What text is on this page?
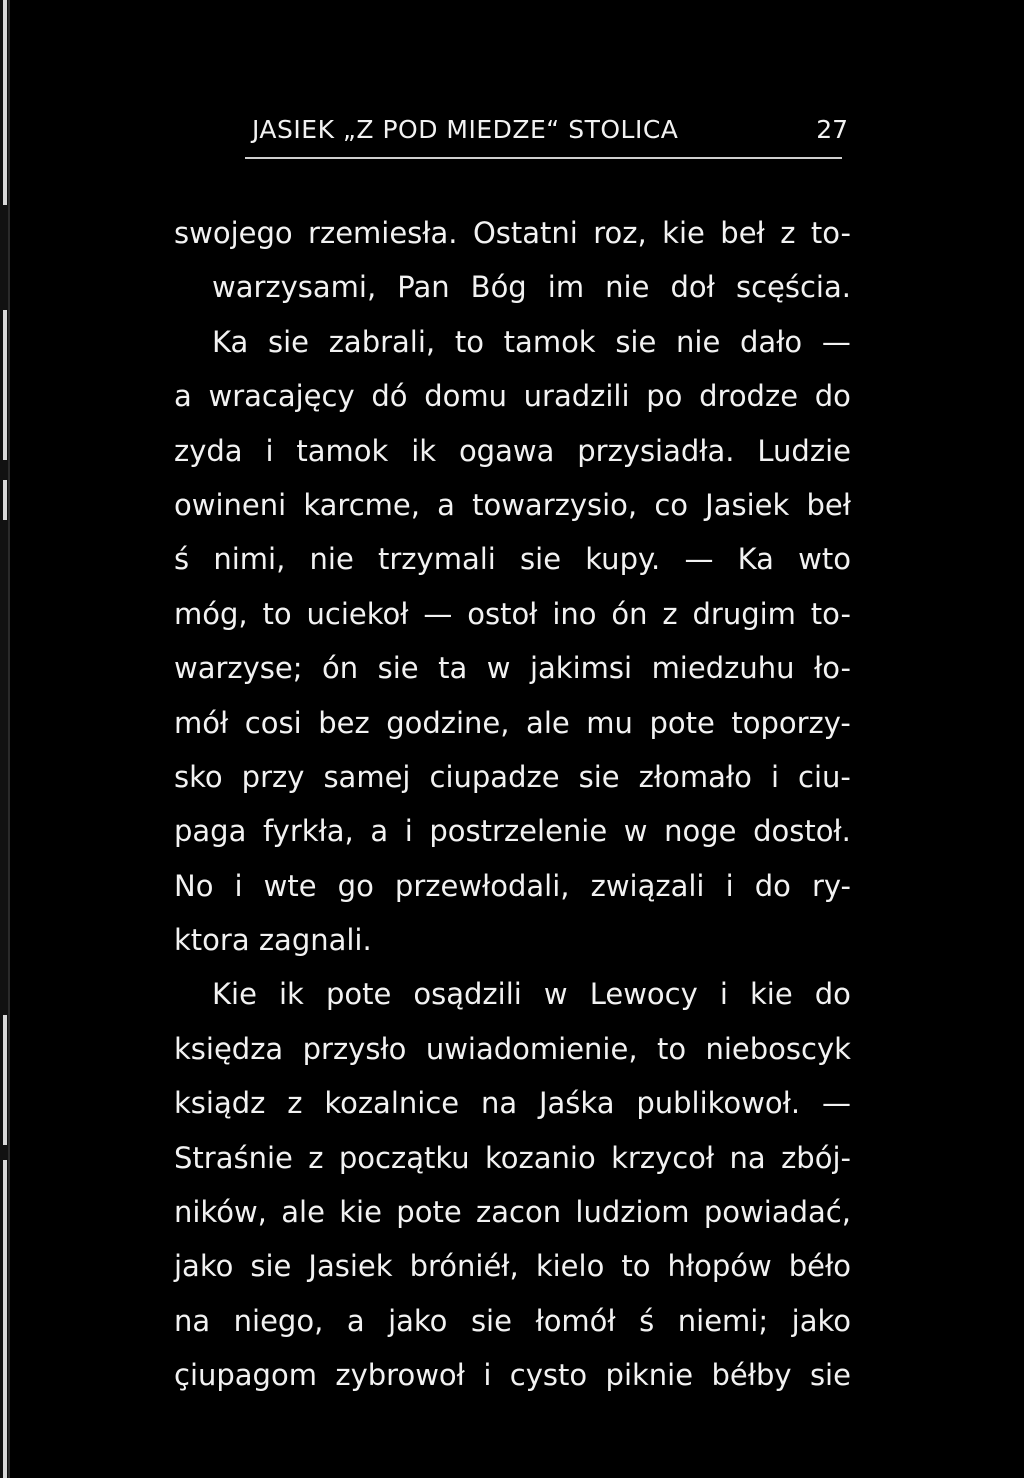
JASIEK „Z POD MIEDZE“ STOLICA	27
swojego rzemiesła. Ostatni roz, kie beł z to-
warzysami, Pan Bóg im nie doł scęścia.
Ka sie zabrali, to tamok sie nie dało —
a wracajęcy dó domu uradzili po drodze do
zyda i tamok ik ogawa przysiadła. Ludzie
owineni karcme, a towarzysio, co Jasiek beł
ś nimi, nie trzymali sie kupy. — Ka wto
móg, to uciekoł — ostoł ino ón z drugim to-
warzyse; ón sie ta w jakimsi miedzuhu ło-
mół cosi bez godzine, ale mu pote toporzy-
sko przy samej ciupadze sie złomało i ciu-
paga fyrkła, a i postrzelenie w noge dostoł.
No i wte go przewłodali, związali i do ry-
ktora zagnali.
Kie ik pote osądzili w Lewocy i kie do
księdza przysło uwiadomienie, to nieboscyk
ksiądz z kozalnice na Jaśka publikowoł. —
Straśnie z początku kozanio krzycoł na zbój-
ników, ale kie pote zacon ludziom powiadać,
jako sie Jasiek bróniéł, kielo to hłopów béło
na niego, a jako sie łomół ś niemi; jako
çiupagom zybrowoł i cysto piknie béłby sie
